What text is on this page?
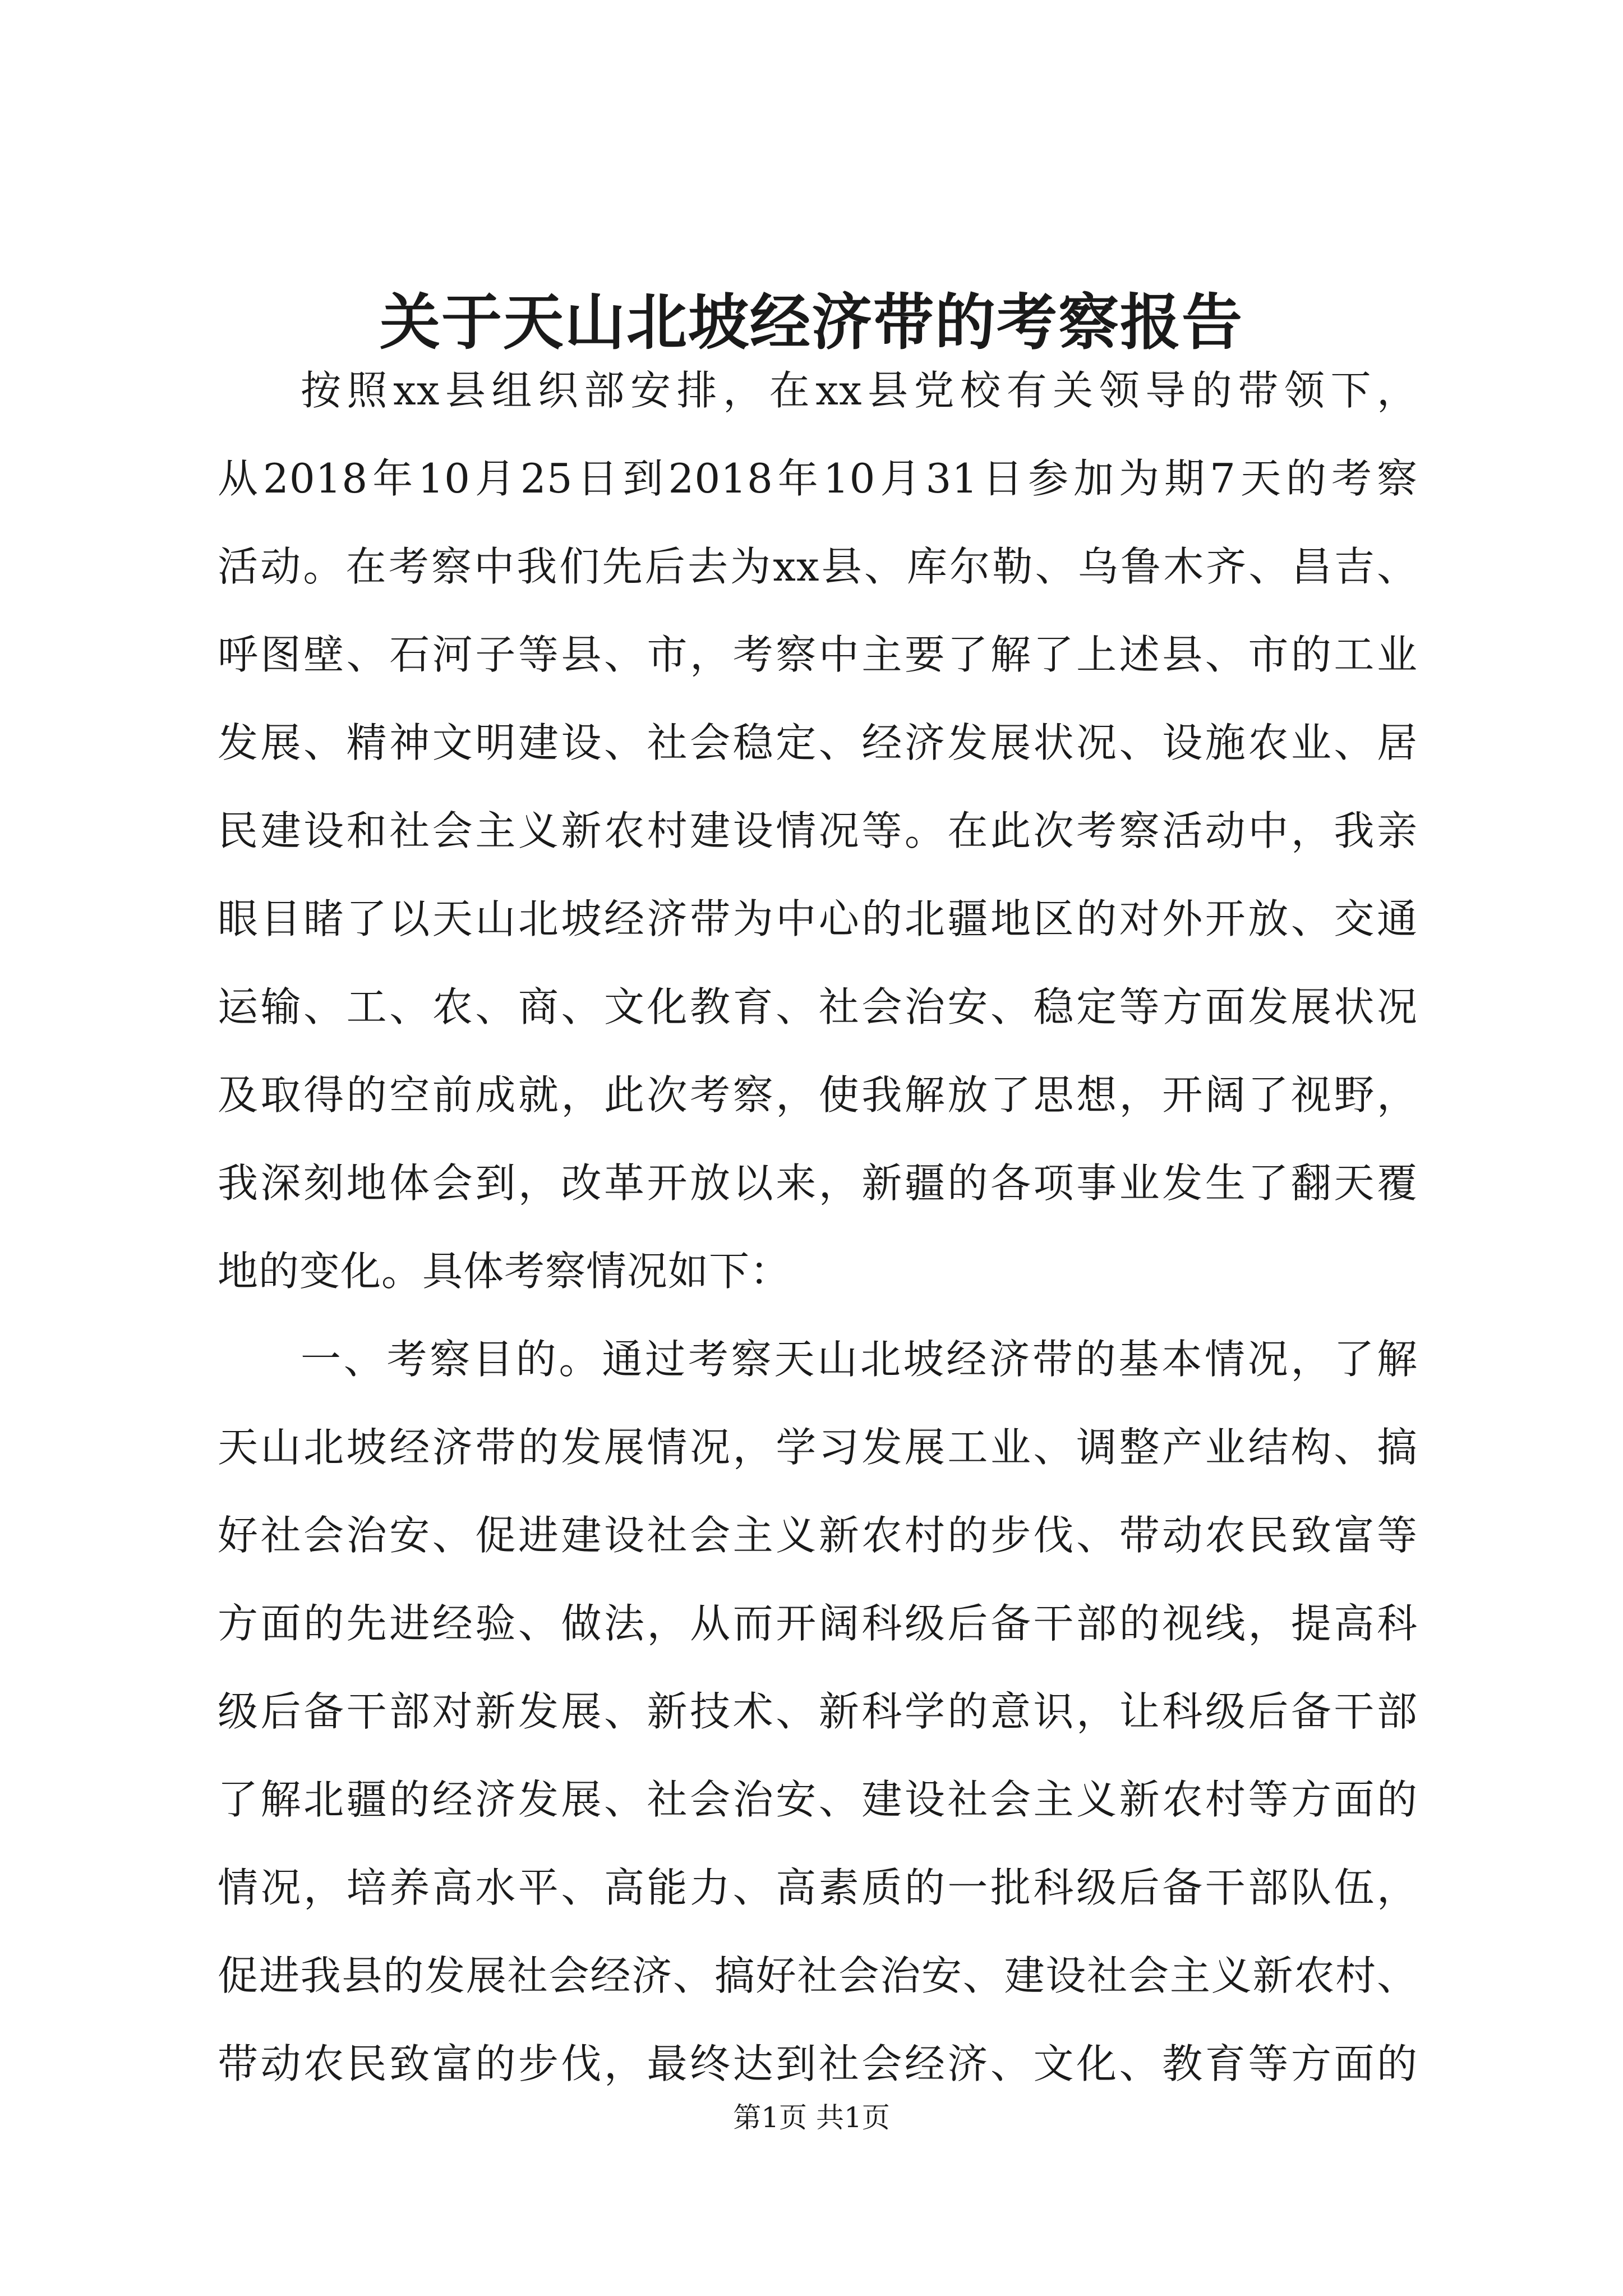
关于天山北坡经济带的考察报告
按照xx县组织部安排，在xx县党校有关领导的带领下，
从2018年10月25日到2018年10月31日参加为期7天的考察
活动。在考察中我们先后去为xx县、库尔勒、乌鲁木齐、昌吉、
呼图壁、石河子等县、市，考察中主要了解了上述县、市的工业
发展、精神文明建设、社会稳定、经济发展状况、设施农业、居
民建设和社会主义新农村建设情况等。在此次考察活动中，我亲
眼目睹了以天山北坡经济带为中心的北疆地区的对外开放、交通
运输、工、农、商、文化教育、社会治安、稳定等方面发展状况
及取得的空前成就，此次考察，使我解放了思想，开阔了视野，
我深刻地体会到，改革开放以来，新疆的各项事业发生了翻天覆
地的变化。具体考察情况如下：
一、考察目的。通过考察天山北坡经济带的基本情况，了解
天山北坡经济带的发展情况，学习发展工业、调整产业结构、搞
好社会治安、促进建设社会主义新农村的步伐、带动农民致富等
方面的先进经验、做法，从而开阔科级后备干部的视线，提高科
级后备干部对新发展、新技术、新科学的意识，让科级后备干部
了解北疆的经济发展、社会治安、建设社会主义新农村等方面的
情况，培养高水平、高能力、高素质的一批科级后备干部队伍，
促进我县的发展社会经济、搞好社会治安、建设社会主义新农村、
带动农民致富的步伐，最终达到社会经济、文化、教育等方面的
第1页 共1页
